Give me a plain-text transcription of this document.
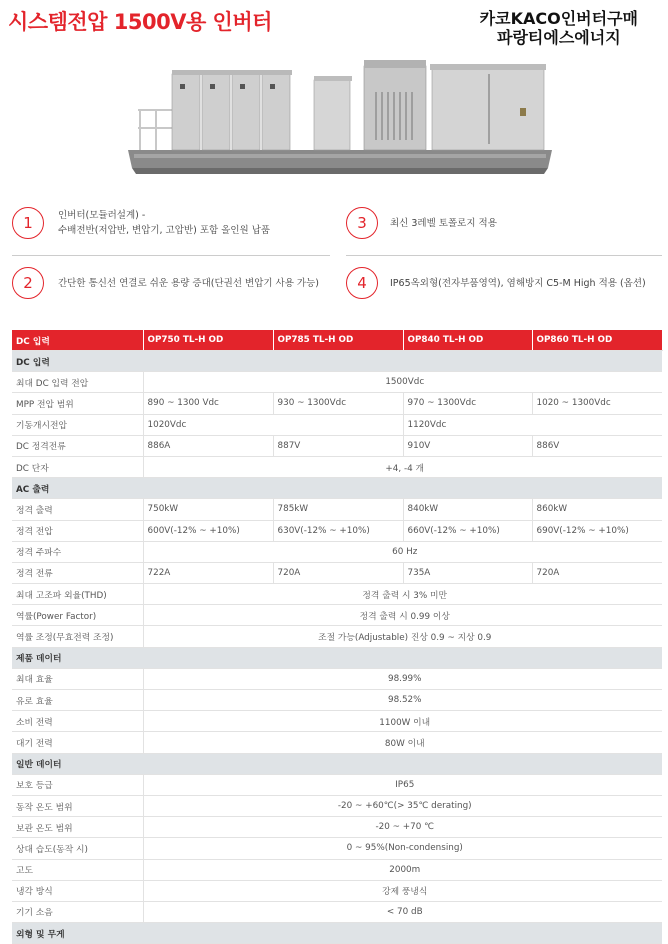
시스템전압 1500V용 인버터	카코KACO인버터구매
파랑티에스에너지
1	인버터(모듈러설계) -
수배전반(저압반, 변압기, 고압반) 포함 올인원 납품	3	최신 3레벨 토폴로지 적용
2	간단한 통신선 연결로 쉬운 용량 증대(단권선 변압기 사용 가능)	4	IP65옥외형(전자부품영역), 염해방지 C5-M High 적용 (옵션)
DC 입력	OP750 TL-H OD	OP785 TL-H OD	OP840 TL-H OD	OP860 TL-H OD
DC 입력				
최대 DC 입력 전압	1500Vdc			
MPP 전압 범위	890 ~ 1300 Vdc	930 ~ 1300Vdc	970 ~ 1300Vdc	1020 ~ 1300Vdc
기동개시전압	1020Vdc		1120Vdc	
DC 정격전류	886A	887V	910V	886V
DC 단자	+4, -4 개			
AC 출력				
정격 출력	750kW	785kW	840kW	860kW
정격 전압	600V(-12% ~ +10%)	630V(-12% ~ +10%)	660V(-12% ~ +10%)	690V(-12% ~ +10%)
정격 주파수	60 Hz			
정격 전류	722A	720A	735A	720A
최대 고조파 외율(THD)	정격 출력 시 3% 미만			
역률(Power Factor)	정격 출력 시 0.99 이상			
역률 조정(무효전력 조정)	조절 가능(Adjustable) 진상 0.9 ~ 지상 0.9			
제품 데이터				
최대 효율	98.99%			
유로 효율	98.52%			
소비 전력	1100W 이내			
대기 전력	80W 이내			
일반 데이터				
보호 등급	IP65			
동작 온도 범위	-20 ~ +60℃(> 35℃ derating)			
보관 온도 범위	-20 ~ +70 ℃			
상대 습도(동작 시)	0 ~ 95%(Non-condensing)			
고도	2000m			
냉각 방식	강제 풍냉식			
기기 소음	< 70 dB			
외형 및 무게				
